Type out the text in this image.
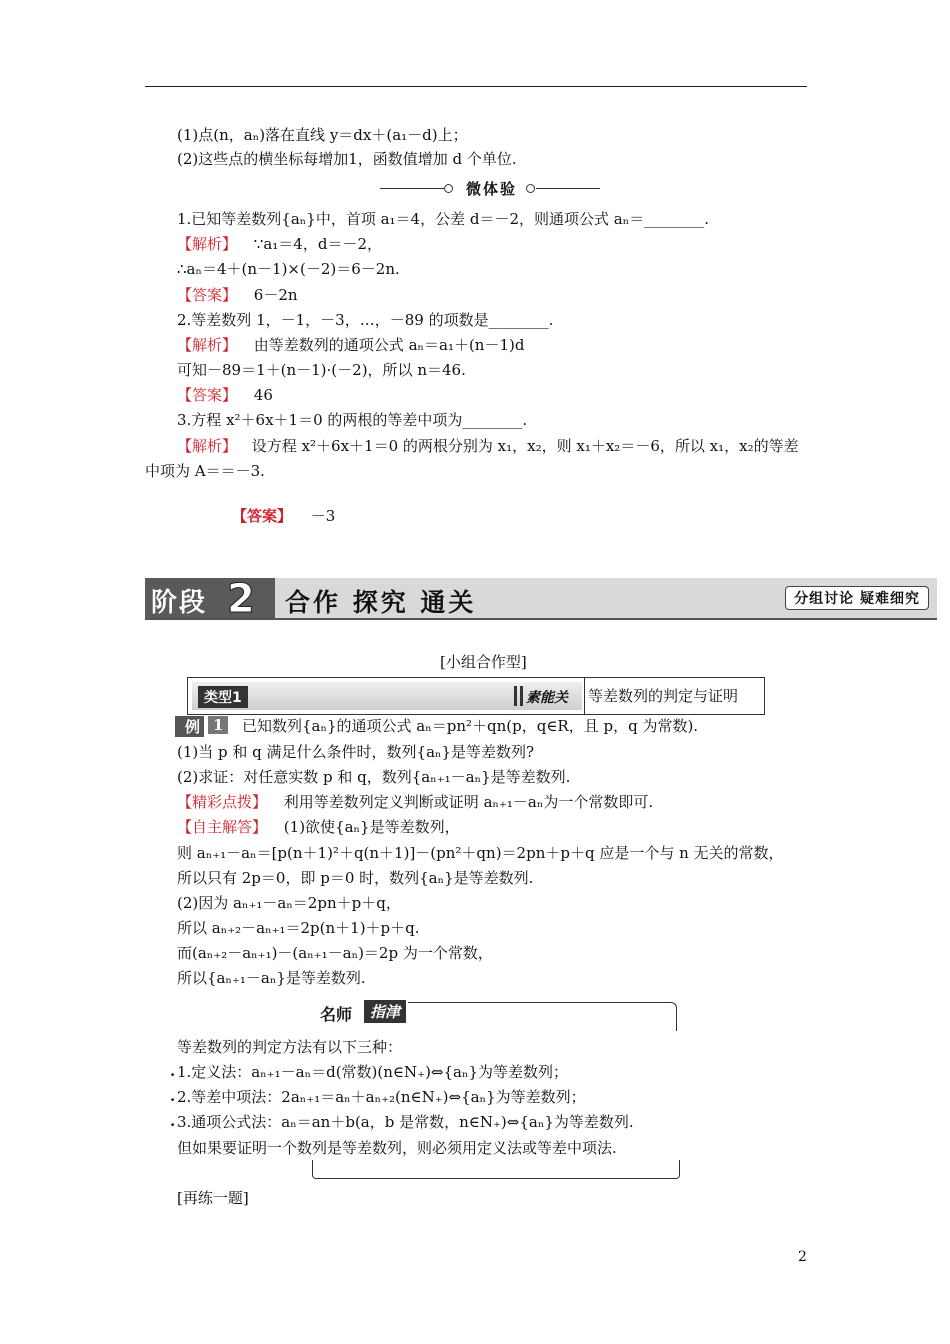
(1)点(n，aₙ)落在直线 y＝dx＋(a₁－d)上；
(2)这些点的横坐标每增加1，函数值增加 d 个单位.
微体验
1.已知等差数列{aₙ}中，首项 a₁＝4，公差 d＝－2，则通项公式 aₙ＝________.
【解析】 ∵a₁＝4，d＝－2，
∴aₙ＝4＋(n－1)×(－2)＝6－2n.
【答案】 6－2n
2.等差数列 1，－1，－3，…，－89 的项数是________.
【解析】 由等差数列的通项公式 aₙ＝a₁＋(n－1)d
可知－89＝1＋(n－1)·(－2)，所以 n＝46.
【答案】 46
3.方程 x²＋6x＋1＝0 的两根的等差中项为________.
【解析】 设方程 x²＋6x＋1＝0 的两根分别为 x₁，x₂，则 x₁＋x₂＝－6，所以 x₁，x₂的等差
中项为 A＝＝－3.
【答案】 －3
阶段 2 合作 探究 通关	分组讨论 疑难细究
[小组合作型]
类型1	素能关 等差数列的判定与证明
例 1	已知数列{aₙ}的通项公式 aₙ＝pn²＋qn(p，q∈R，且 p，q 为常数).
(1)当 p 和 q 满足什么条件时，数列{aₙ}是等差数列?
(2)求证：对任意实数 p 和 q，数列{aₙ₊₁－aₙ}是等差数列.
【精彩点拨】 利用等差数列定义判断或证明 aₙ₊₁－aₙ为一个常数即可.
【自主解答】 (1)欲使{aₙ}是等差数列，
则 aₙ₊₁－aₙ＝[p(n＋1)²＋q(n＋1)]－(pn²＋qn)＝2pn＋p＋q 应是一个与 n 无关的常数，
所以只有 2p＝0，即 p＝0 时，数列{aₙ}是等差数列.
(2)因为 aₙ₊₁－aₙ＝2pn＋p＋q，
所以 aₙ₊₂－aₙ₊₁＝2p(n＋1)＋p＋q.
而(aₙ₊₂－aₙ₊₁)－(aₙ₊₁－aₙ)＝2p 为一个常数，
所以{aₙ₊₁－aₙ}是等差数列.
名师	指津
等差数列的判定方法有以下三种：
. 1.定义法：aₙ₊₁－aₙ＝d(常数)(n∈N₊)⇔{aₙ}为等差数列；
. 2.等差中项法：2aₙ₊₁＝aₙ＋aₙ₊₂(n∈N₊)⇔{aₙ}为等差数列；
. 3.通项公式法：aₙ＝an＋b(a，b 是常数，n∈N₊)⇔{aₙ}为等差数列.
但如果要证明一个数列是等差数列，则必须用定义法或等差中项法.
[再练一题]
2
